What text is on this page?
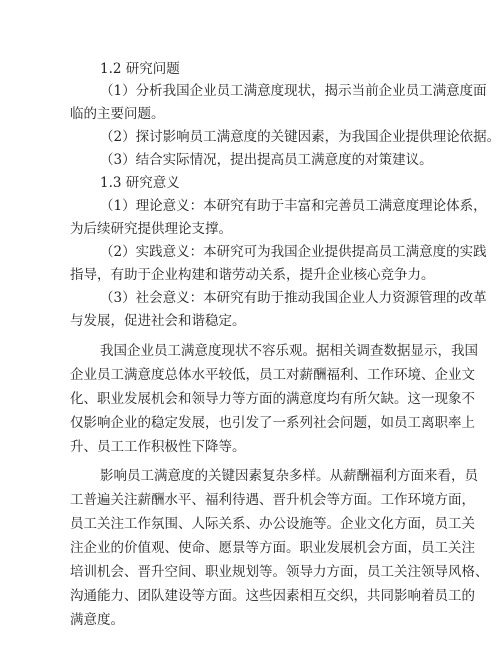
1.2 研究问题
（1）分析我国企业员工满意度现状，揭示当前企业员工满意度面
临的主要问题。
（2）探讨影响员工满意度的关键因素，为我国企业提供理论依据。
（3）结合实际情况，提出提高员工满意度的对策建议。
1.3 研究意义
（1）理论意义：本研究有助于丰富和完善员工满意度理论体系，
为后续研究提供理论支撑。
（2）实践意义：本研究可为我国企业提供提高员工满意度的实践
指导，有助于企业构建和谐劳动关系，提升企业核心竞争力。
（3）社会意义：本研究有助于推动我国企业人力资源管理的改革
与发展，促进社会和谐稳定。
我国企业员工满意度现状不容乐观。据相关调查数据显示，我国
企业员工满意度总体水平较低，员工对薪酬福利、工作环境、企业文
化、职业发展机会和领导力等方面的满意度均有所欠缺。这一现象不
仅影响企业的稳定发展，也引发了一系列社会问题，如员工离职率上
升、员工工作积极性下降等。
影响员工满意度的关键因素复杂多样。从薪酬福利方面来看，员
工普遍关注薪酬水平、福利待遇、晋升机会等方面。工作环境方面，
员工关注工作氛围、人际关系、办公设施等。企业文化方面，员工关
注企业的价值观、使命、愿景等方面。职业发展机会方面，员工关注
培训机会、晋升空间、职业规划等。领导力方面，员工关注领导风格、
沟通能力、团队建设等方面。这些因素相互交织，共同影响着员工的
满意度。
